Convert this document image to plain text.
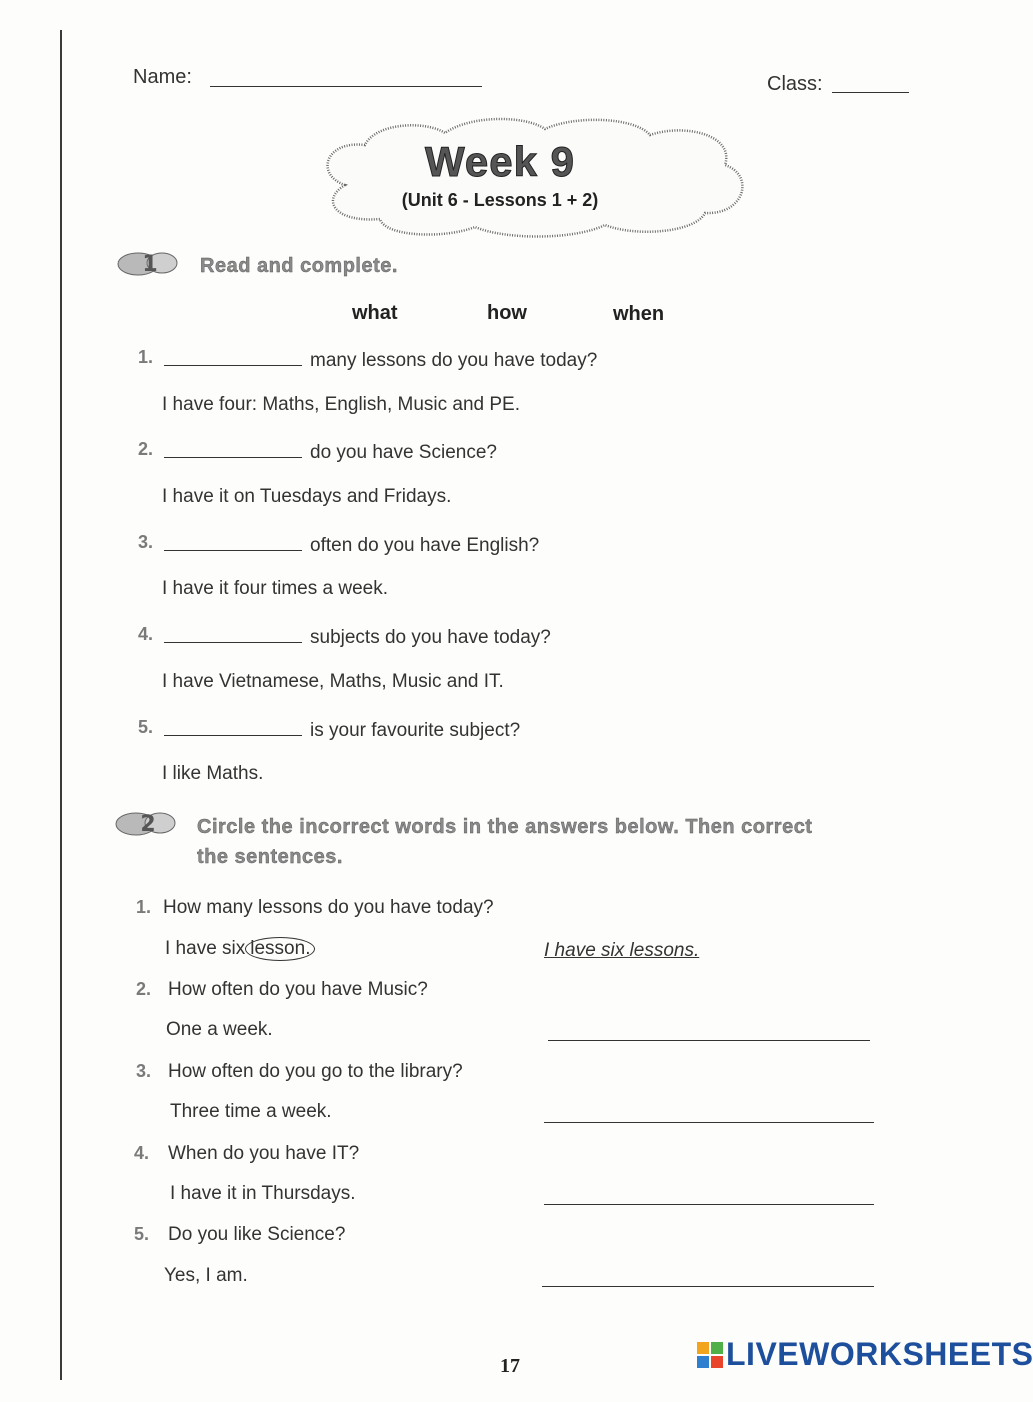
Name:	Class:
Week 9
(Unit 6 - Lessons 1 + 2)
1 Read and complete.
what	how	when
1.	many lessons do you have today?
I have four: Maths, English, Music and PE.
2.	do you have Science?
I have it on Tuesdays and Fridays.
3.	often do you have English?
I have it four times a week.
4.	subjects do you have today?
I have Vietnamese, Maths, Music and IT.
5.	is your favourite subject?
I like Maths.
2 Circle the incorrect words in the answers below. Then correct
the sentences.
1. How many lessons do you have today?
I have six lesson.	I have six lessons.
2. How often do you have Music?
One a week.
3. How often do you go to the library?
Three time a week.
4. When do you have IT?
I have it in Thursdays.
5. Do you like Science?
Yes, I am.
17	LIVEWORKSHEETS
